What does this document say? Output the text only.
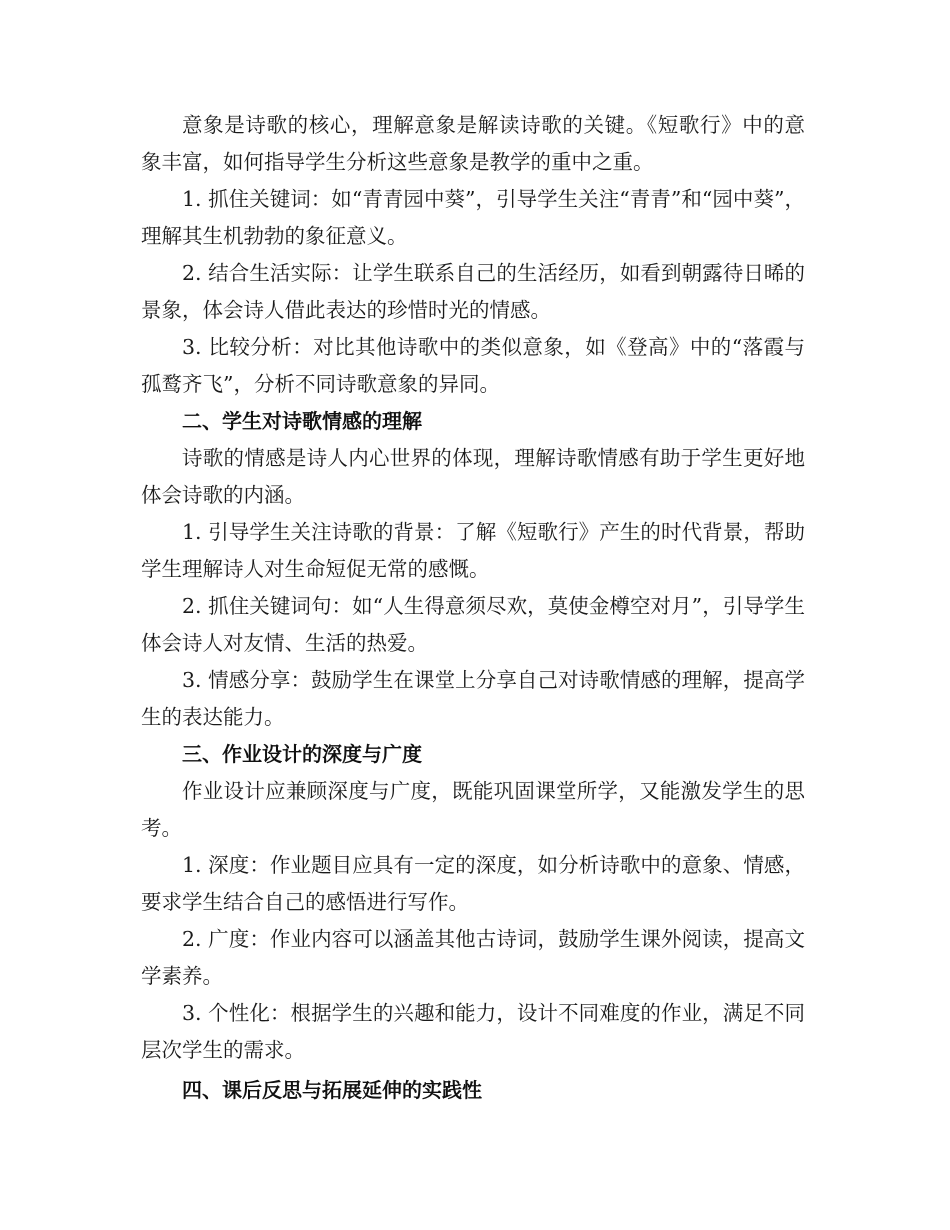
意象是诗歌的核心，理解意象是解读诗歌的关键。《短歌行》中的意象丰富，如何指导学生分析这些意象是教学的重中之重。

1. 抓住关键词：如“青青园中葵”，引导学生关注“青青”和“园中葵”，理解其生机勃勃的象征意义。

2. 结合生活实际：让学生联系自己的生活经历，如看到朝露待日晞的景象，体会诗人借此表达的珍惜时光的情感。

3. 比较分析：对比其他诗歌中的类似意象，如《登高》中的“落霞与孤鹜齐飞”，分析不同诗歌意象的异同。

二、学生对诗歌情感的理解

诗歌的情感是诗人内心世界的体现，理解诗歌情感有助于学生更好地体会诗歌的内涵。

1. 引导学生关注诗歌的背景：了解《短歌行》产生的时代背景，帮助学生理解诗人对生命短促无常的感慨。

2. 抓住关键词句：如“人生得意须尽欢，莫使金樽空对月”，引导学生体会诗人对友情、生活的热爱。

3. 情感分享：鼓励学生在课堂上分享自己对诗歌情感的理解，提高学生的表达能力。

三、作业设计的深度与广度

作业设计应兼顾深度与广度，既能巩固课堂所学，又能激发学生的思考。

1. 深度：作业题目应具有一定的深度，如分析诗歌中的意象、情感，要求学生结合自己的感悟进行写作。

2. 广度：作业内容可以涵盖其他古诗词，鼓励学生课外阅读，提高文学素养。

3. 个性化：根据学生的兴趣和能力，设计不同难度的作业，满足不同层次学生的需求。

四、课后反思与拓展延伸的实践性
